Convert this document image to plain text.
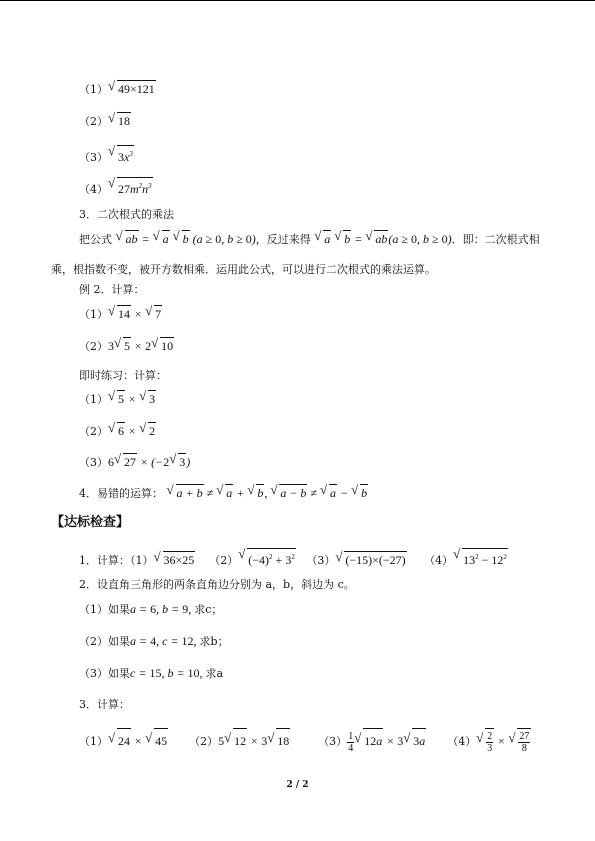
（1） √ 49×121
（2） √ 18
（3） √ $3x^3$
（4） √ $27m^2n^3$
3．二次根式的乘法
把公式 √ ab = √ a √ b (a ≥ 0, b ≥ 0)，反过来得 √ a √ b = √ ab(a ≥ 0, b ≥ 0)．即：二次根式相
乘，根指数不变，被开方数相乘．运用此公式，可以进行二次根式的乘法运算。
例 2．计算：
（1） √ 14 × √ 7
（2）3 √ 5 × 2 √ 10
即时练习：计算：
（1） √ 5 × √ 3
（2） √ 6 × √ 2
（3）6 √ 27 × (−2 √ 3)
4．易错的运算： √ a + b ≠ √ a + √ b, √ a − b ≠ √ a − √ b
【达标检查】
1．计算：（1） √ 36×25 （2） √ $(-4)^2 + 3^2$ （3） √ (−15)×(−27) （4） √ $13^2 - 12^2$
2．设直角三角形的两条直角边分别为 a，b，斜边为 c。
（1）如果a = 6, b = 9, 求c；
（2）如果a = 4, c = 12, 求b；
（3）如果c = 15, b = 10, 求a
3．计算：
（1） √ 24 × √ 45 （2）5 √ 12 × 3 √ 18	$(3) \frac{1}{4}$ √ 12a × 3 √ 3a （4） √ $\frac{2}{3}$ × √ $\frac{27}{8}$
2 / 2
